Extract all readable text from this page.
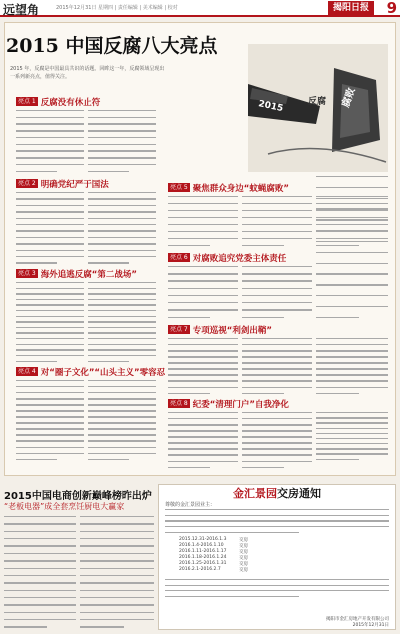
远望角	2015年12月31日 星期四 | 责任编辑 | 美术编辑 | 校对	揭阳日报	9
2015 中国反腐八大亮点

2015 年，反腐是中国最具共识的话题。回眸这一年，反腐领域呈现出

一系列新亮点，值得关注。

2015	反腐 腐败
亮点 1 反腐没有休止符
亮点 2 明确党纪严于国法
亮点 3 海外追逃反腐“第二战场”
亮点 4 对“圈子文化”“山头主义”零容忍
亮点 5 聚焦群众身边“蚊蝇腐败”
亮点 6 对腐败追究党委主体责任
亮点 7 专项巡视“利剑出鞘”
亮点 8 纪委“清理门户”自我净化
2015中国电商创新巅峰榜昨出炉
“老板电器”成全套烹饪厨电大赢家
金汇景园交房通知
尊敬的金汇景园业主：
2015.12.31-2016.1.3	交房
2016.1.4-2016.1.10	交房
2016.1.11-2016.1.17	交房
2016.1.18-2016.1.24	交房
2016.1.25-2016.1.31	交房
2016.2.1-2016.2.7	交房
揭阳市金汇房地产开发有限公司
2015年12月31日
